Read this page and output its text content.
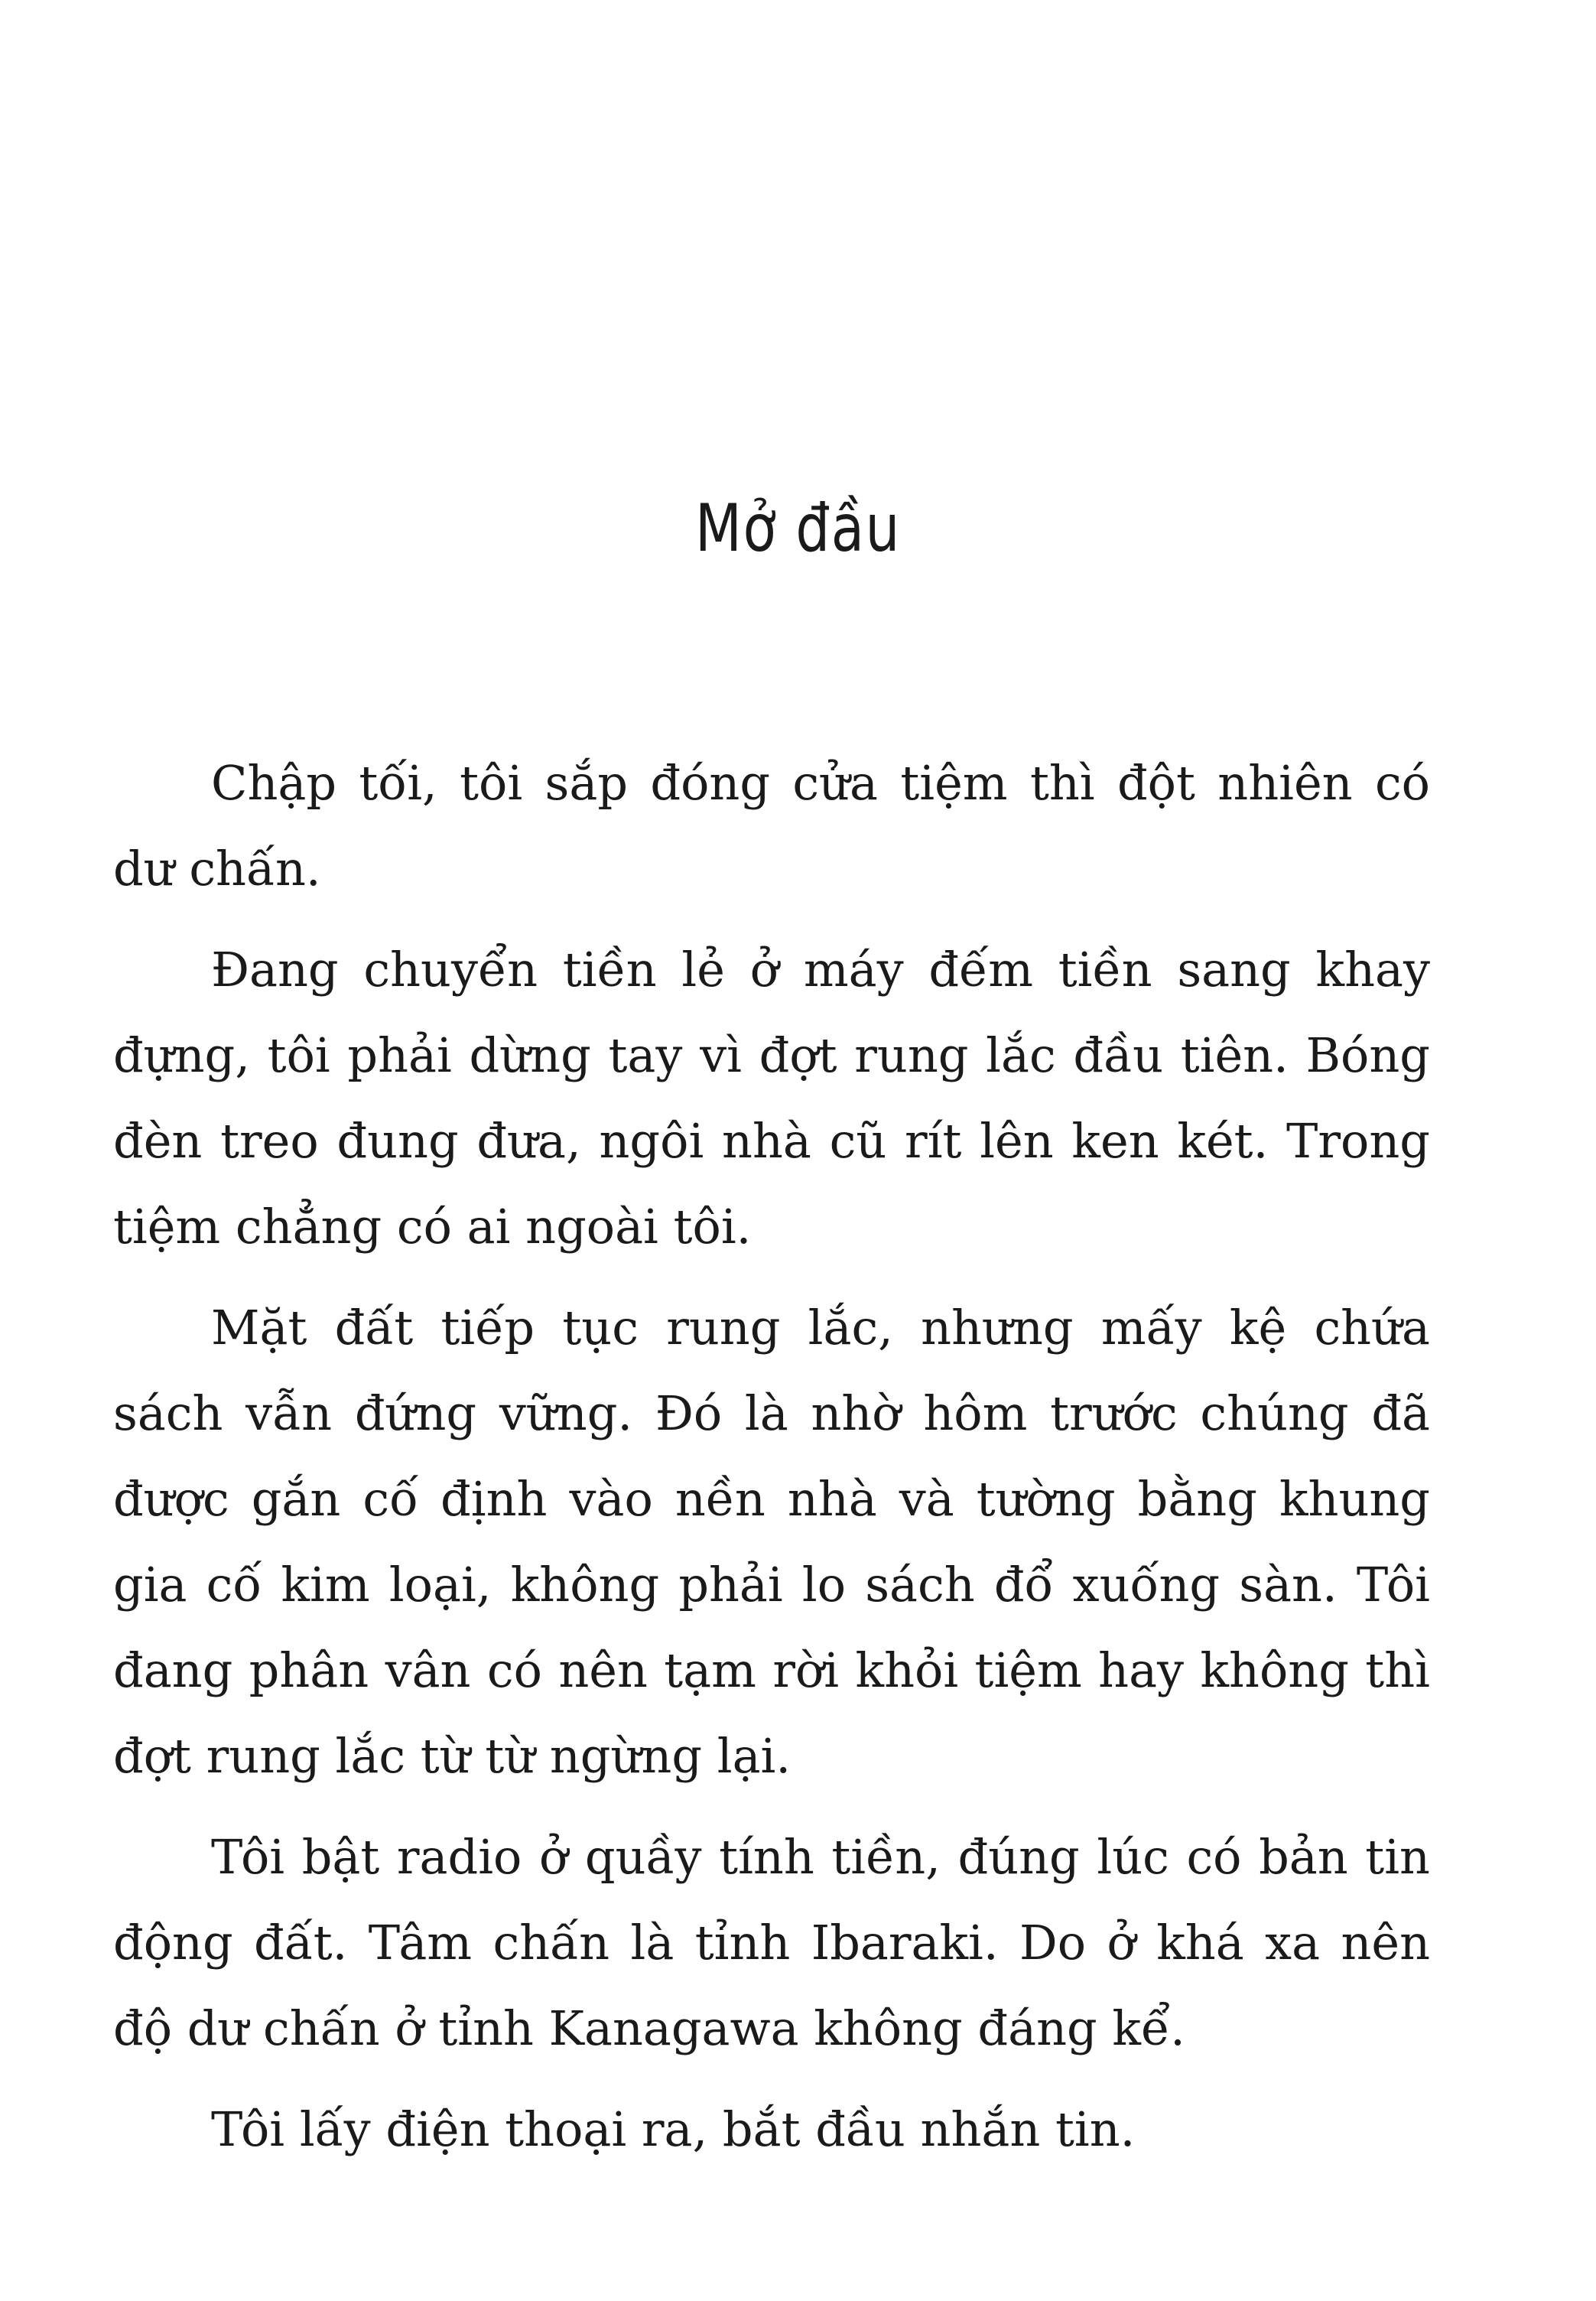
Mở đầu

Chập tối, tôi sắp đóng cửa tiệm thì đột nhiên có dư chấn.

Đang chuyển tiền lẻ ở máy đếm tiền sang khay đựng, tôi phải dừng tay vì đợt rung lắc đầu tiên. Bóng đèn treo đung đưa, ngôi nhà cũ rít lên ken két. Trong tiệm chẳng có ai ngoài tôi.

Mặt đất tiếp tục rung lắc, nhưng mấy kệ chứa sách vẫn đứng vững. Đó là nhờ hôm trước chúng đã được gắn cố định vào nền nhà và tường bằng khung gia cố kim loại, không phải lo sách đổ xuống sàn. Tôi đang phân vân có nên tạm rời khỏi tiệm hay không thì đợt rung lắc từ từ ngừng lại.

Tôi bật radio ở quầy tính tiền, đúng lúc có bản tin động đất. Tâm chấn là tỉnh Ibaraki. Do ở khá xa nên độ dư chấn ở tỉnh Kanagawa không đáng kể.

Tôi lấy điện thoại ra, bắt đầu nhắn tin.
